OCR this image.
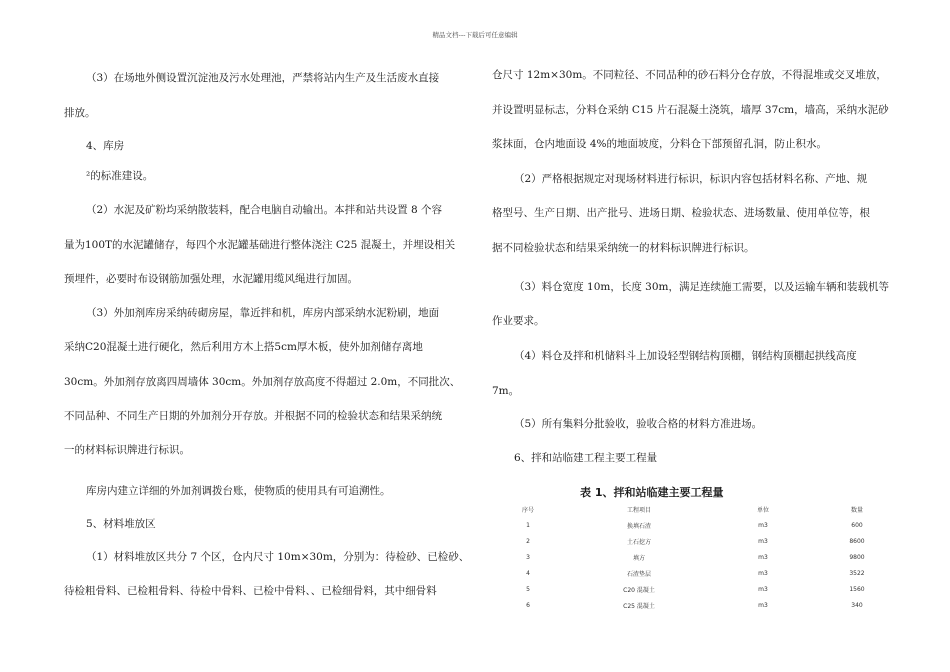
精品文档---下载后可任意编辑
（3）在场地外侧设置沉淀池及污水处理池，严禁将站内生产及生活废水直接
排放。
4、库房
²的标准建设。
（2）水泥及矿粉均采纳散装料，配合电脑自动输出。本拌和站共设置 8 个容
量为100T的水泥罐储存，每四个水泥罐基础进行整体浇注 C25 混凝土，并埋设相关
预埋件，必要时布设钢筋加强处理，水泥罐用缆风绳进行加固。
（3）外加剂库房采纳砖砌房屋，靠近拌和机，库房内部采纳水泥粉刷，地面
采纳C20混凝土进行硬化，然后利用方木上搭5cm厚木板，使外加剂储存离地
30cm。外加剂存放离四周墙体 30cm。外加剂存放高度不得超过 2.0m，不同批次、
不同品种、不同生产日期的外加剂分开存放。并根据不同的检验状态和结果采纳统
一的材料标识牌进行标识。
库房内建立详细的外加剂调拨台账，使物质的使用具有可追溯性。
5、材料堆放区
（1）材料堆放区共分 7 个区，仓内尺寸 10m×30m，分别为：待检砂、已检砂、
待检粗骨料、已检粗骨料、待检中骨料、已检中骨料、、已检细骨料，其中细骨料
仓尺寸 12m×30m。不同粒径、不同品种的砂石料分仓存放，不得混堆或交叉堆放，
并设置明显标志，分料仓采纳 C15 片石混凝土浇筑，墙厚 37cm，墙高，采纳水泥砂
浆抹面，仓内地面设 4%的地面坡度，分料仓下部预留孔洞，防止积水。
（2）严格根据规定对现场材料进行标识，标识内容包括材料名称、产地、规
格型号、生产日期、出产批号、进场日期、检验状态、进场数量、使用单位等，根
据不同检验状态和结果采纳统一的材料标识牌进行标识。
（3）料仓宽度 10m，长度 30m，满足连续施工需要，以及运输车辆和装载机等
作业要求。
（4）料仓及拌和机储料斗上加设轻型钢结构顶棚，钢结构顶棚起拱线高度
7m。
（5）所有集料分批验收，验收合格的材料方准进场。
6、拌和站临建工程主要工程量
表 1、拌和站临建主要工程量
序号	工程项目	单位	数量
1	换填石渣	m3	600
2	土石挖方	m3	8600
3	填方	m3	9800
4	石渣垫层	m3	3522
5	C20 混凝土	m3	1560
6	C25 混凝土	m3	340
